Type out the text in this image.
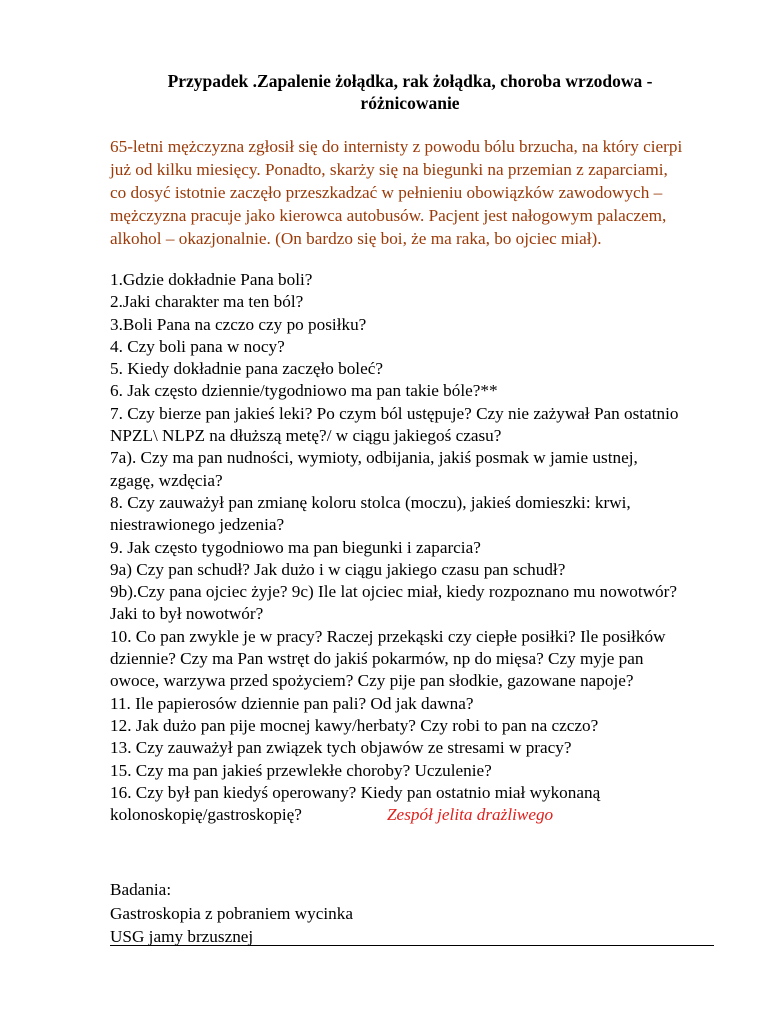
Przypadek .Zapalenie żołądka, rak żołądka, choroba wrzodowa -
różnicowanie
65-letni mężczyzna zgłosił się do internisty z powodu bólu brzucha, na który cierpi
już od kilku miesięcy. Ponadto, skarży się na biegunki na przemian z zaparciami,
co dosyć istotnie zaczęło przeszkadzać w pełnieniu obowiązków zawodowych –
mężczyzna pracuje jako kierowca autobusów. Pacjent jest nałogowym palaczem,
alkohol – okazjonalnie. (On bardzo się boi, że ma raka, bo ojciec miał).
1.Gdzie dokładnie Pana boli?
2.Jaki charakter ma ten ból?
3.Boli Pana na czczo czy po posiłku?
4. Czy boli pana w nocy?
5. Kiedy dokładnie pana zaczęło boleć?
6. Jak często dziennie/tygodniowo ma pan takie bóle?**
7. Czy bierze pan jakieś leki? Po czym ból ustępuje? Czy nie zażywał Pan ostatnio
NPZL\ NLPZ na dłuższą metę?/ w ciągu jakiegoś czasu?
7a). Czy ma pan nudności, wymioty, odbijania, jakiś posmak w jamie ustnej,
zgagę, wzdęcia?
8. Czy zauważył pan zmianę koloru stolca (moczu), jakieś domieszki: krwi,
niestrawionego jedzenia?
9. Jak często tygodniowo ma pan biegunki i zaparcia?
9a) Czy pan schudł? Jak dużo i w ciągu jakiego czasu pan schudł?
9b).Czy pana ojciec żyje? 9c) Ile lat ojciec miał, kiedy rozpoznano mu nowotwór?
Jaki to był nowotwór?
10. Co pan zwykle je w pracy? Raczej przekąski czy ciepłe posiłki? Ile posiłków
dziennie? Czy ma Pan wstręt do jakiś pokarmów, np do mięsa? Czy myje pan
owoce, warzywa przed spożyciem? Czy pije pan słodkie, gazowane napoje?
11. Ile papierosów dziennie pan pali? Od jak dawna?
12. Jak dużo pan pije mocnej kawy/herbaty? Czy robi to pan na czczo?
13. Czy zauważył pan związek tych objawów ze stresami w pracy?
15. Czy ma pan jakieś przewlekłe choroby? Uczulenie?
16. Czy był pan kiedyś operowany? Kiedy pan ostatnio miał wykonaną
kolonoskopię/gastroskopię?	Zespół jelita drażliwego
Badania:
Gastroskopia z pobraniem wycinka
USG jamy brzusznej
